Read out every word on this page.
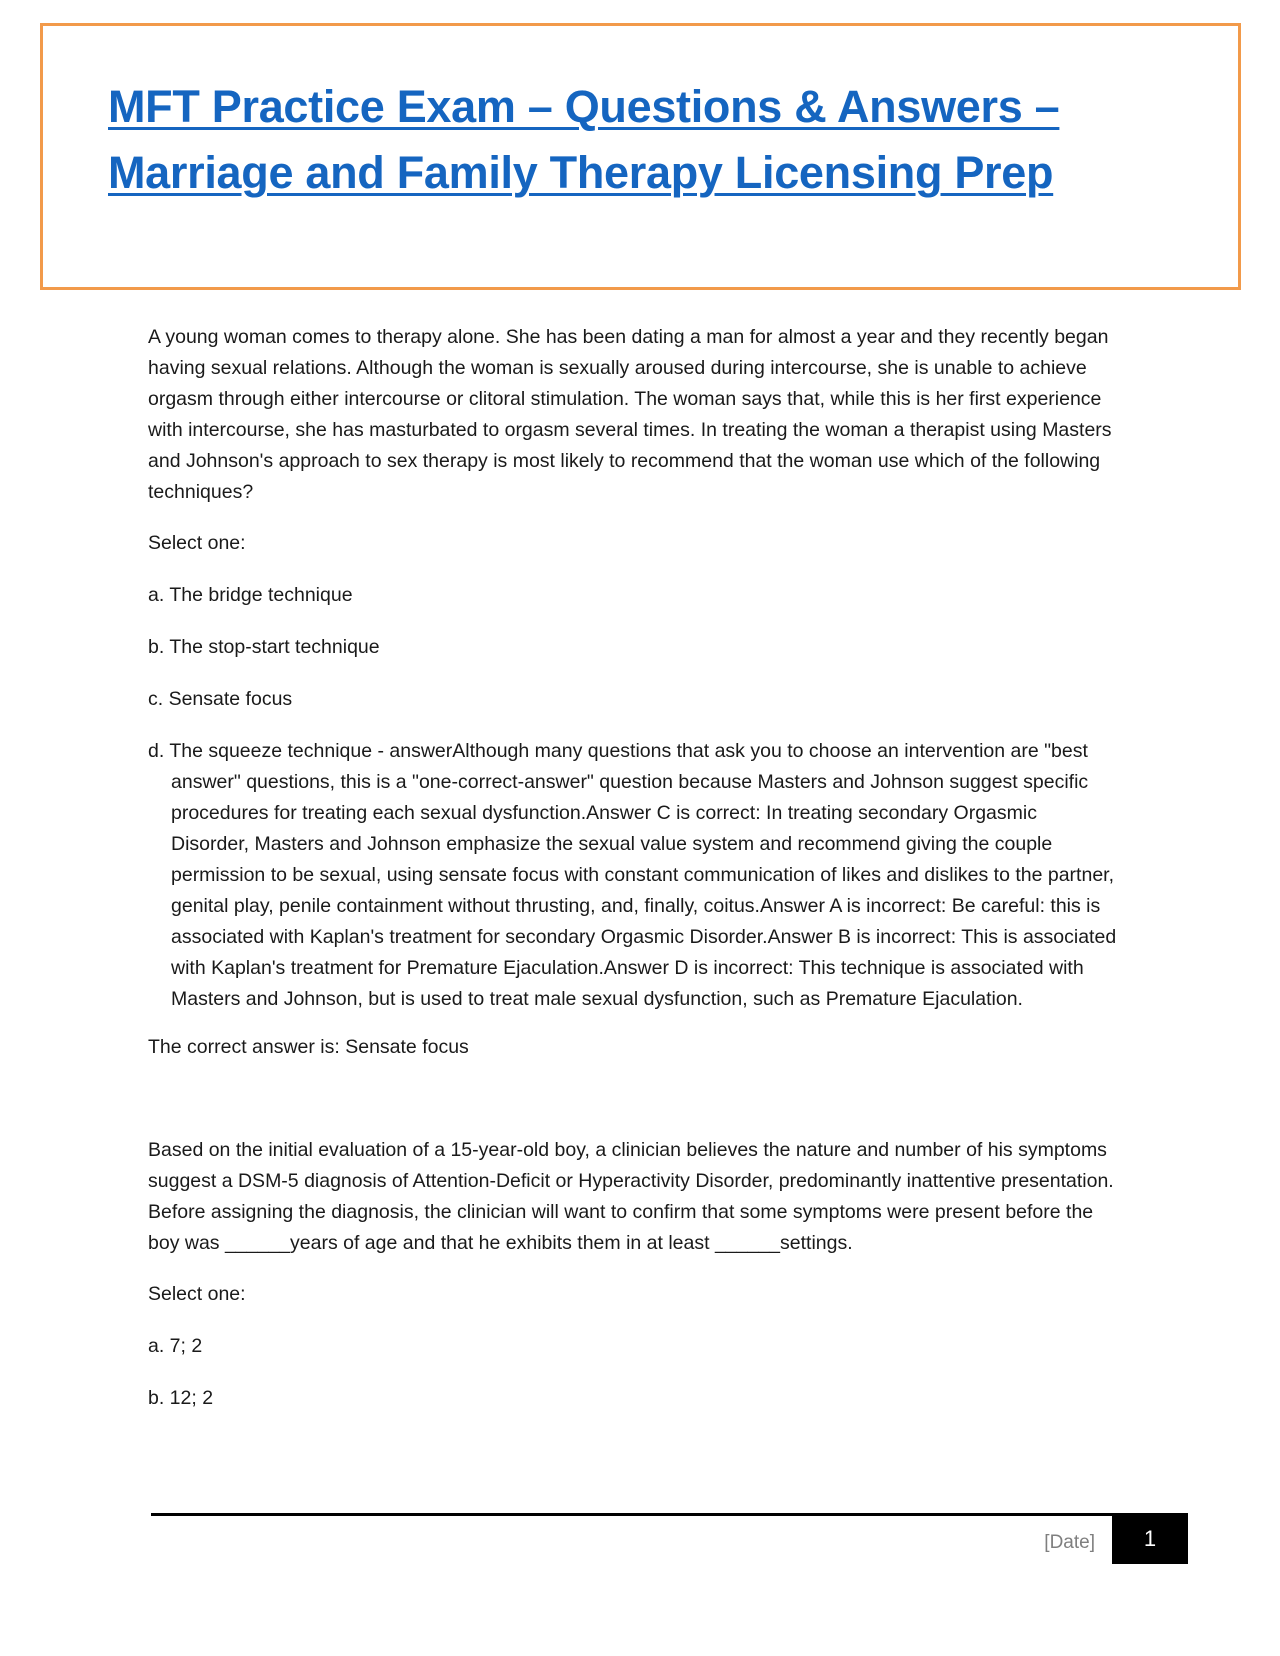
MFT Practice Exam – Questions & Answers –
Marriage and Family Therapy Licensing Prep

A young woman comes to therapy alone. She has been dating a man for almost a year and they recently began having sexual relations. Although the woman is sexually aroused during intercourse, she is unable to achieve orgasm through either intercourse or clitoral stimulation. The woman says that, while this is her first experience with intercourse, she has masturbated to orgasm several times. In treating the woman a therapist using Masters and Johnson's approach to sex therapy is most likely to recommend that the woman use which of the following techniques?

Select one:

a. The bridge technique

b. The stop-start technique

c. Sensate focus

d. The squeeze technique - answerAlthough many questions that ask you to choose an intervention are "best answer" questions, this is a "one-correct-answer" question because Masters and Johnson suggest specific procedures for treating each sexual dysfunction.Answer C is correct: In treating secondary Orgasmic Disorder, Masters and Johnson emphasize the sexual value system and recommend giving the couple permission to be sexual, using sensate focus with constant communication of likes and dislikes to the partner, genital play, penile containment without thrusting, and, finally, coitus.Answer A is incorrect: Be careful: this is associated with Kaplan's treatment for secondary Orgasmic Disorder.Answer B is incorrect: This is associated with Kaplan's treatment for Premature Ejaculation.Answer D is incorrect: This technique is associated with Masters and Johnson, but is used to treat male sexual dysfunction, such as Premature Ejaculation.

The correct answer is: Sensate focus

Based on the initial evaluation of a 15-year-old boy, a clinician believes the nature and number of his symptoms suggest a DSM-5 diagnosis of Attention-Deficit or Hyperactivity Disorder, predominantly inattentive presentation. Before assigning the diagnosis, the clinician will want to confirm that some symptoms were present before the boy was ______years of age and that he exhibits them in at least ______settings.

Select one:

a. 7; 2

b. 12; 2

[Date]	1
